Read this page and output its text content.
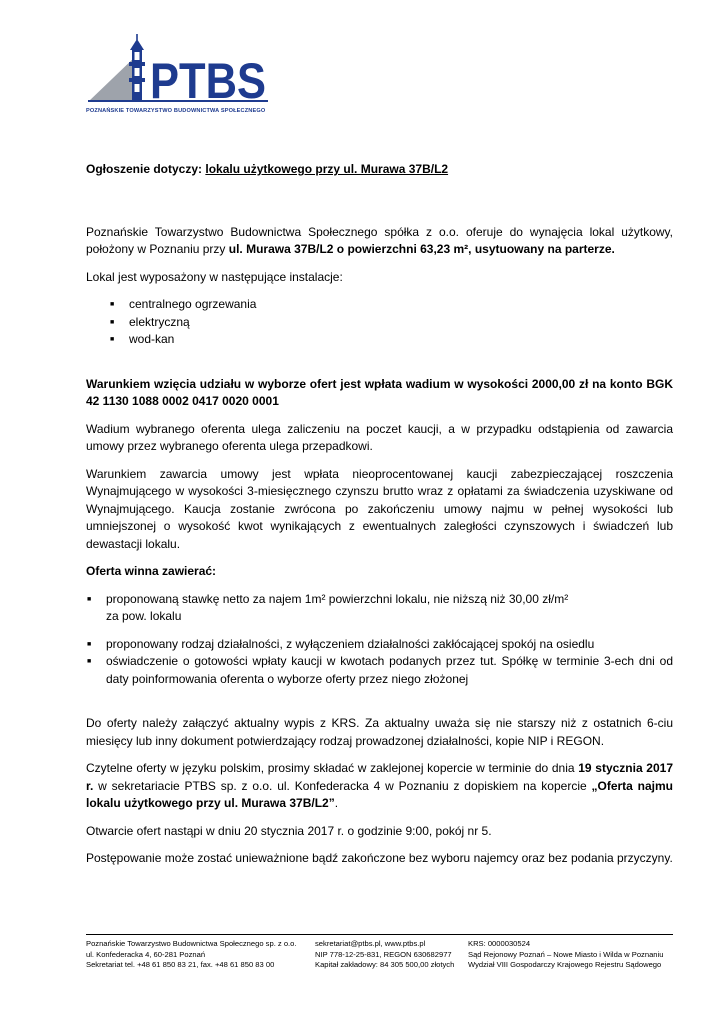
PTBS
POZNAŃSKIE TOWARZYSTWO BUDOWNICTWA SPOŁECZNEGO

Ogłoszenie dotyczy: lokalu użytkowego przy ul. Murawa 37B/L2

Poznańskie Towarzystwo Budownictwa Społecznego spółka z o.o. oferuje do wynajęcia lokal użytkowy, położony w Poznaniu przy ul. Murawa 37B/L2 o powierzchni 63,23 m², usytuowany na parterze.

Lokal jest wyposażony w następujące instalacje:

■ centralnego ogrzewania
■ elektryczną
■ wod-kan

Warunkiem wzięcia udziału w wyborze ofert jest wpłata wadium w wysokości 2000,00 zł na konto BGK 42 1130 1088 0002 0417 0020 0001

Wadium wybranego oferenta ulega zaliczeniu na poczet kaucji, a w przypadku odstąpienia od zawarcia umowy przez wybranego oferenta ulega przepadkowi.

Warunkiem zawarcia umowy jest wpłata nieoprocentowanej kaucji zabezpieczającej roszczenia Wynajmującego w wysokości 3-miesięcznego czynszu brutto wraz z opłatami za świadczenia uzyskiwane od Wynajmującego. Kaucja zostanie zwrócona po zakończeniu umowy najmu w pełnej wysokości lub umniejszonej o wysokość kwot wynikających z ewentualnych zaległości czynszowych i świadczeń lub dewastacji lokalu.

Oferta winna zawierać:

■ proponowaną stawkę netto za najem 1m² powierzchni lokalu, nie niższą niż 30,00 zł/m²
za pow. lokalu
■ proponowany rodzaj działalności, z wyłączeniem działalności zakłócającej spokój na osiedlu
■ oświadczenie o gotowości wpłaty kaucji w kwotach podanych przez tut. Spółkę w terminie 3-ech dni od daty poinformowania oferenta o wyborze oferty przez niego złożonej

Do oferty należy załączyć aktualny wypis z KRS. Za aktualny uważa się nie starszy niż z ostatnich 6-ciu miesięcy lub inny dokument potwierdzający rodzaj prowadzonej działalności, kopie NIP i REGON.

Czytelne oferty w języku polskim, prosimy składać w zaklejonej kopercie w terminie do dnia 19 stycznia 2017 r. w sekretariacie PTBS sp. z o.o. ul. Konfederacka 4 w Poznaniu z dopiskiem na kopercie „Oferta najmu lokalu użytkowego przy ul. Murawa 37B/L2”.

Otwarcie ofert nastąpi w dniu 20 stycznia 2017 r. o godzinie 9:00, pokój nr 5.

Postępowanie może zostać unieważnione bądź zakończone bez wyboru najemcy oraz bez podania przyczyny.

Poznańskie Towarzystwo Budownictwa Społecznego sp. z o.o.
ul. Konfederacka 4, 60-281 Poznań
Sekretariat tel. +48 61 850 83 21, fax. +48 61 850 83 00
sekretariat@ptbs.pl, www.ptbs.pl
NIP 778-12-25-831, REGON 630682977
Kapitał zakładowy: 84 305 500,00 złotych
KRS: 0000030524
Sąd Rejonowy Poznań – Nowe Miasto i Wilda w Poznaniu
Wydział VIII Gospodarczy Krajowego Rejestru Sądowego
